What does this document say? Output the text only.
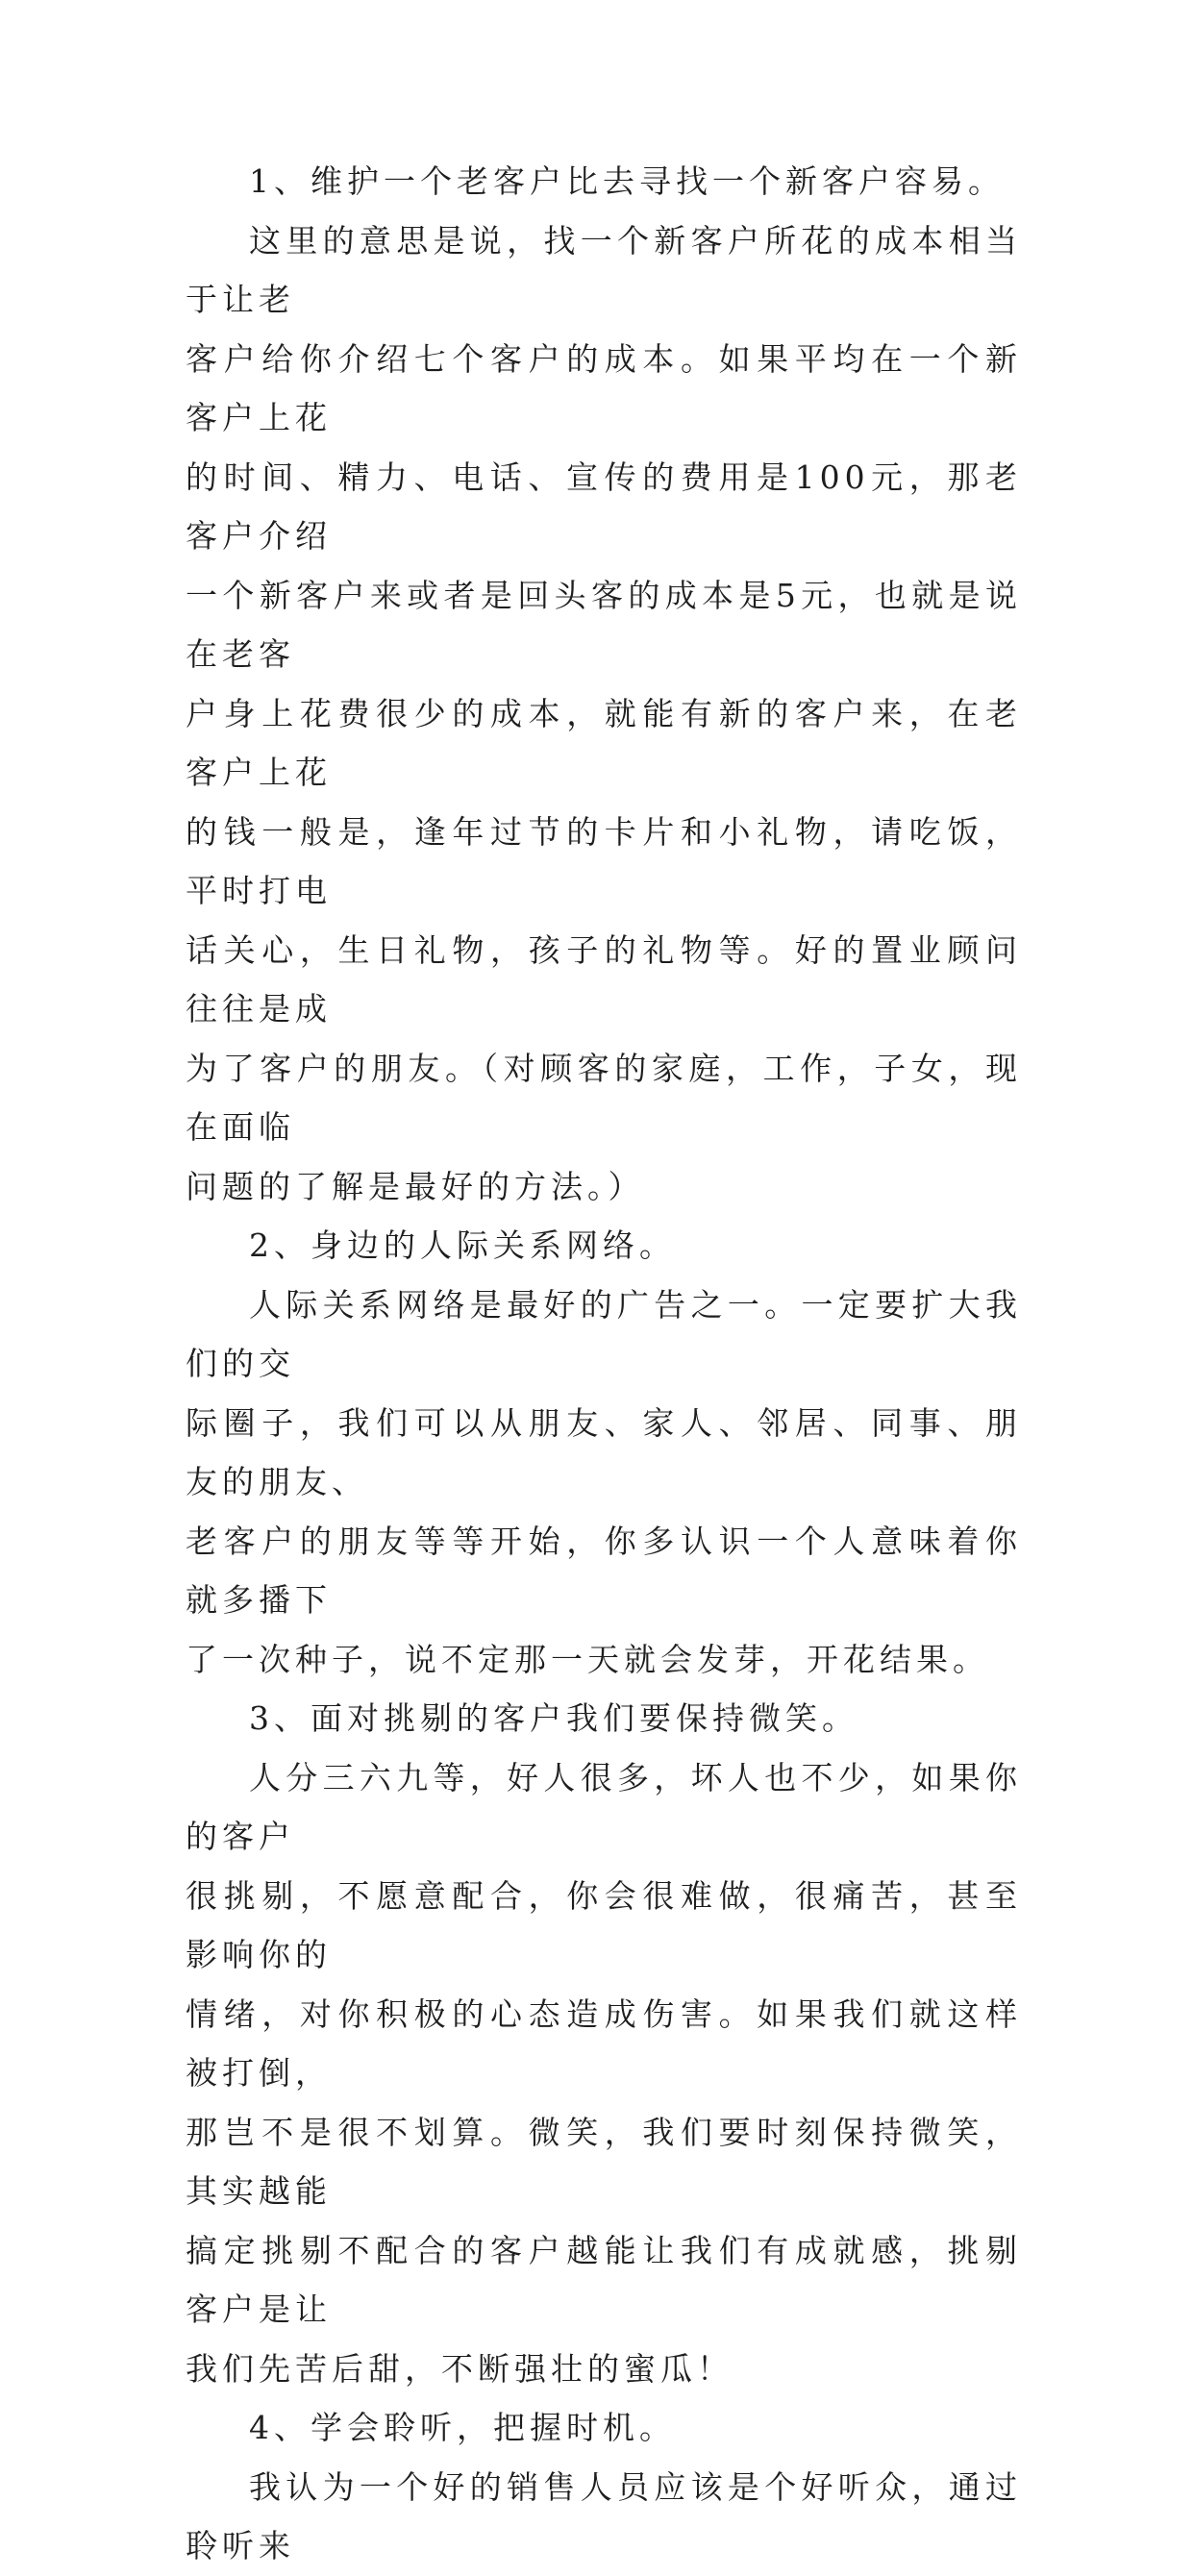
1、维护一个老客户比去寻找一个新客户容易。

这里的意思是说，找一个新客户所花的成本相当于让老
客户给你介绍七个客户的成本。如果平均在一个新客户上花
的时间、精力、电话、宣传的费用是100元，那老客户介绍
一个新客户来或者是回头客的成本是5元，也就是说在老客
户身上花费很少的成本，就能有新的客户来，在老客户上花
的钱一般是，逢年过节的卡片和小礼物，请吃饭，平时打电
话关心，生日礼物，孩子的礼物等。好的置业顾问往往是成
为了客户的朋友。（对顾客的家庭，工作，子女，现在面临
问题的了解是最好的方法。）

2、身边的人际关系网络。

人际关系网络是最好的广告之一。一定要扩大我们的交
际圈子，我们可以从朋友、家人、邻居、同事、朋友的朋友、
老客户的朋友等等开始，你多认识一个人意味着你就多播下
了一次种子，说不定那一天就会发芽，开花结果。

3、面对挑剔的客户我们要保持微笑。

人分三六九等，好人很多，坏人也不少，如果你的客户
很挑剔，不愿意配合，你会很难做，很痛苦，甚至影响你的
情绪，对你积极的心态造成伤害。如果我们就这样被打倒，
那岂不是很不划算。微笑，我们要时刻保持微笑，其实越能
搞定挑剔不配合的客户越能让我们有成就感，挑剔客户是让
我们先苦后甜，不断强壮的蜜瓜！

4、学会聆听，把握时机。

我认为一个好的销售人员应该是个好听众，通过聆听来
